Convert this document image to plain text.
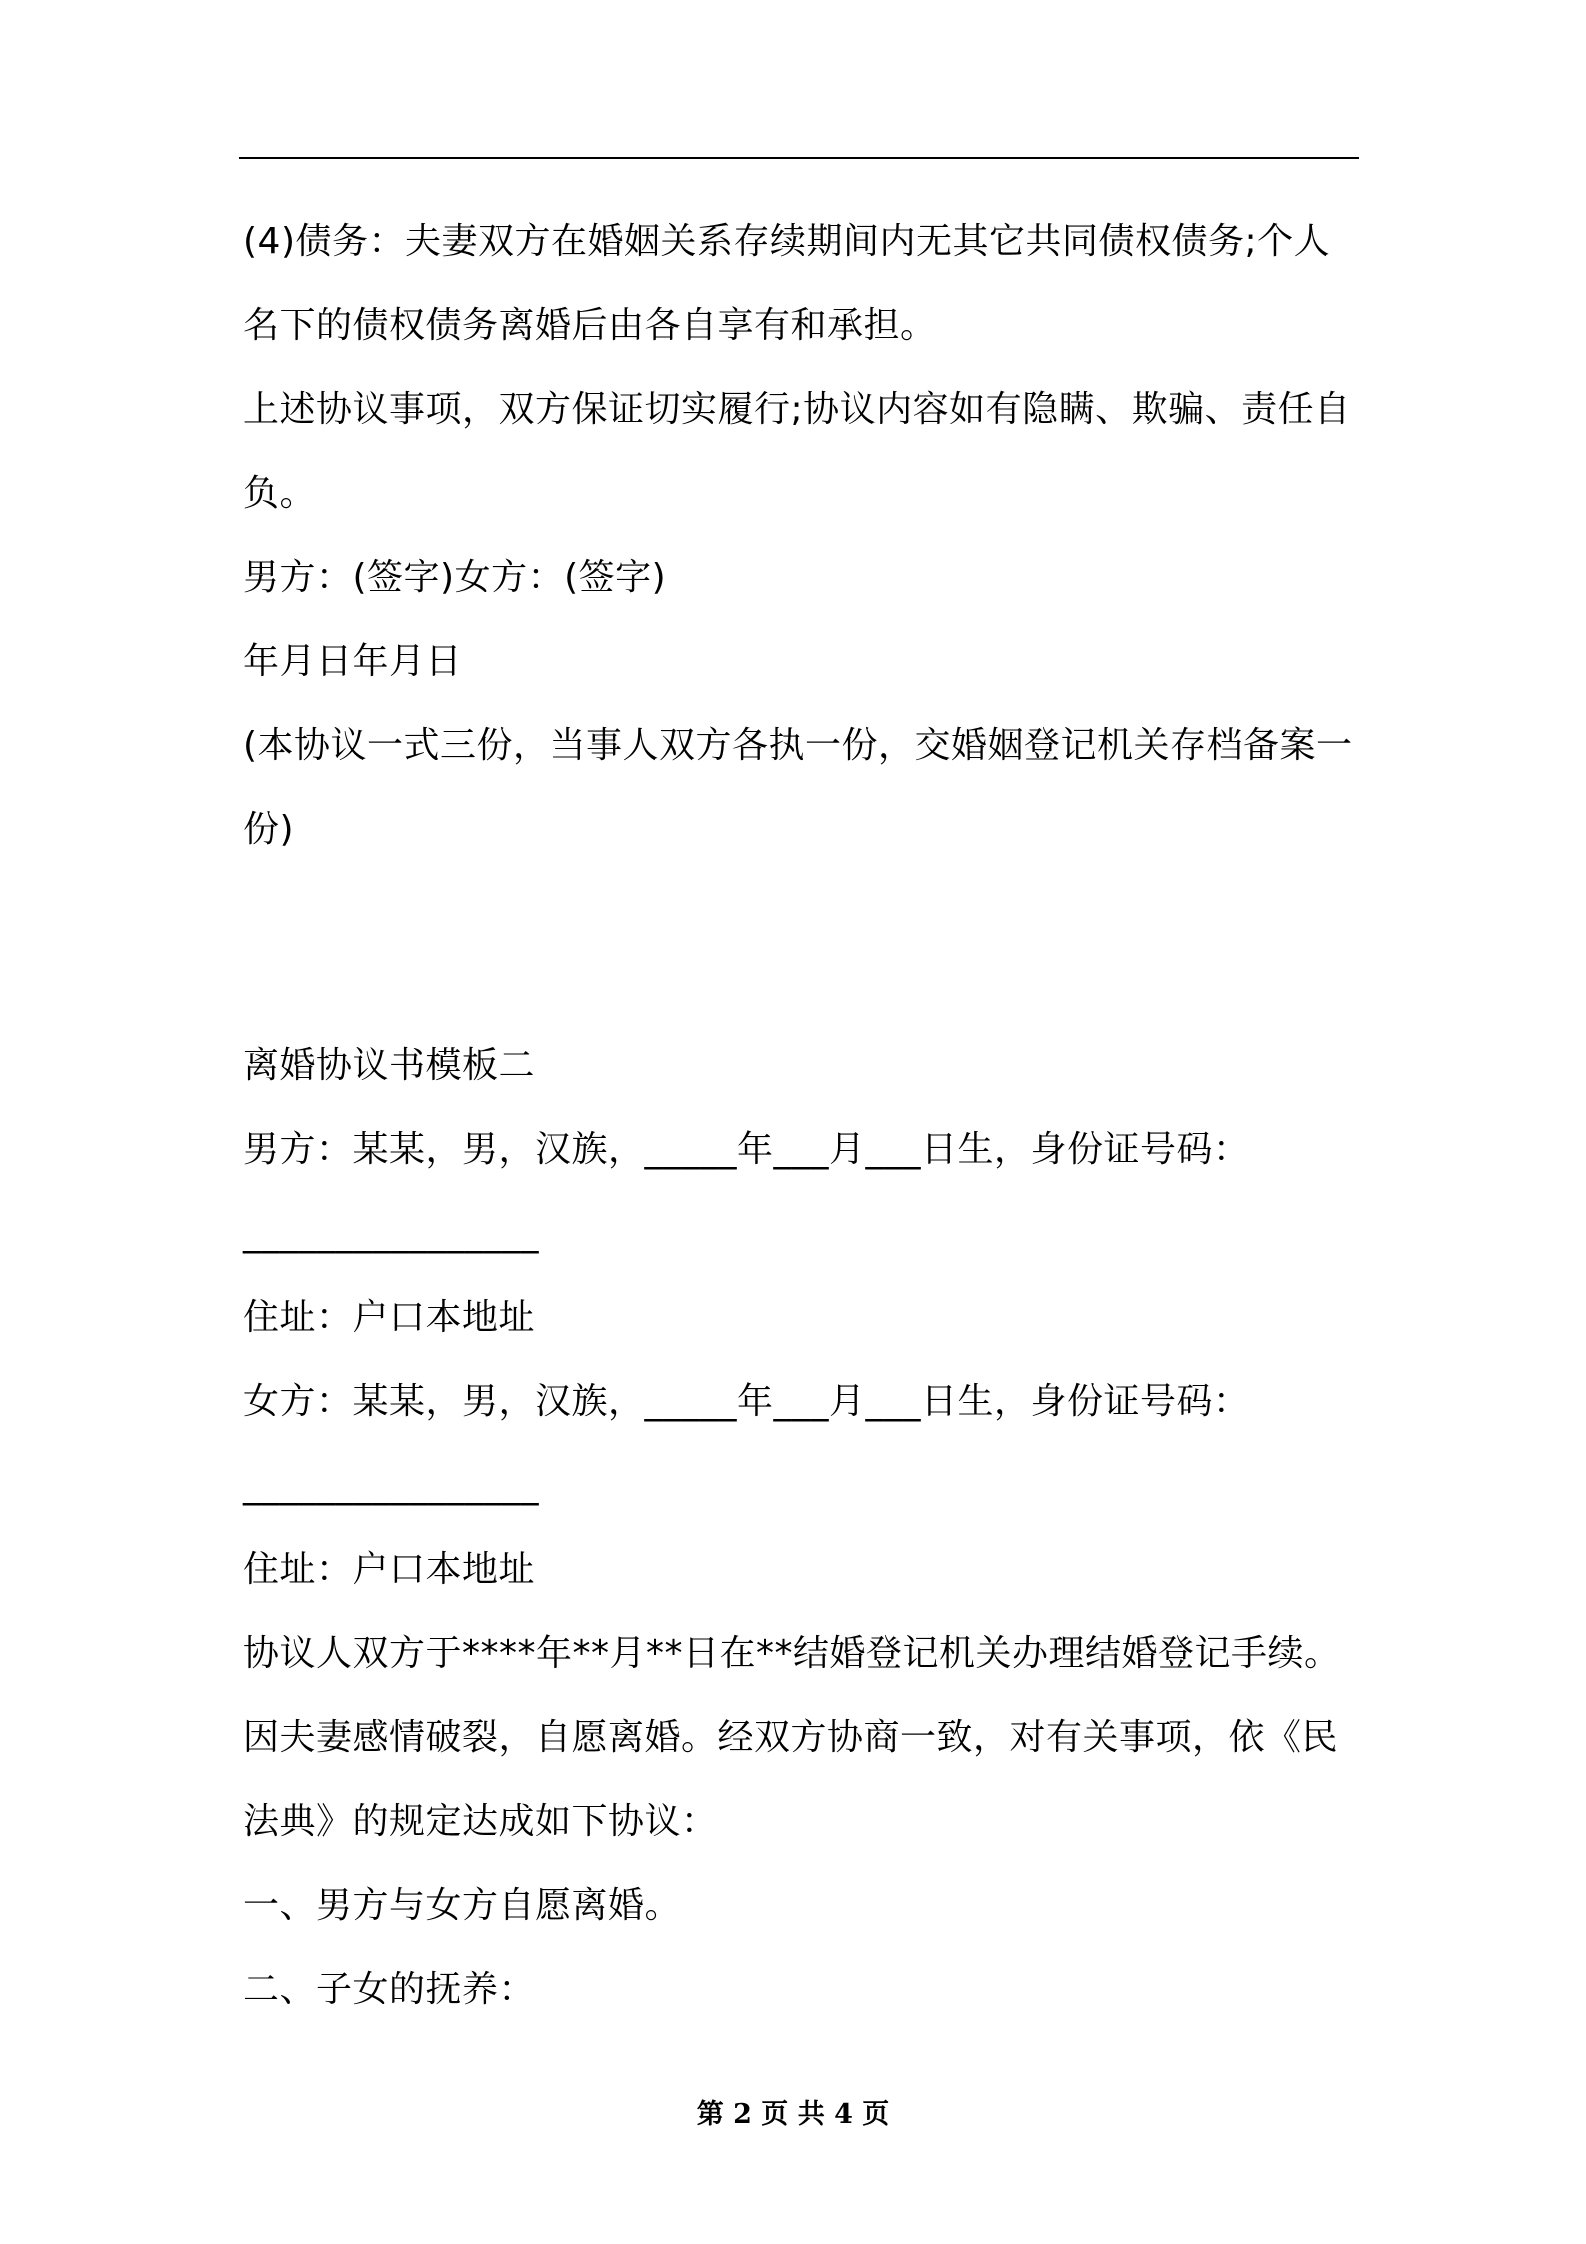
(4)债务：夫妻双方在婚姻关系存续期间内无其它共同债权债务;个人名下的债权债务离婚后由各自享有和承担。

上述协议事项，双方保证切实履行;协议内容如有隐瞒、欺骗、责任自负。

男方：(签字)女方：(签字)

年月日年月日

(本协议一式三份，当事人双方各执一份，交婚姻登记机关存档备案一份)

离婚协议书模板二

男方：某某，男，汉族，_____年___月___日生，身份证号码：

________________

住址：户口本地址

女方：某某，男，汉族，_____年___月___日生，身份证号码：

________________

住址：户口本地址

协议人双方于****年**月**日在**结婚登记机关办理结婚登记手续。因夫妻感情破裂，自愿离婚。经双方协商一致，对有关事项，依《民法典》的规定达成如下协议：

一、男方与女方自愿离婚。

二、子女的抚养：

第 2 页 共 4 页
